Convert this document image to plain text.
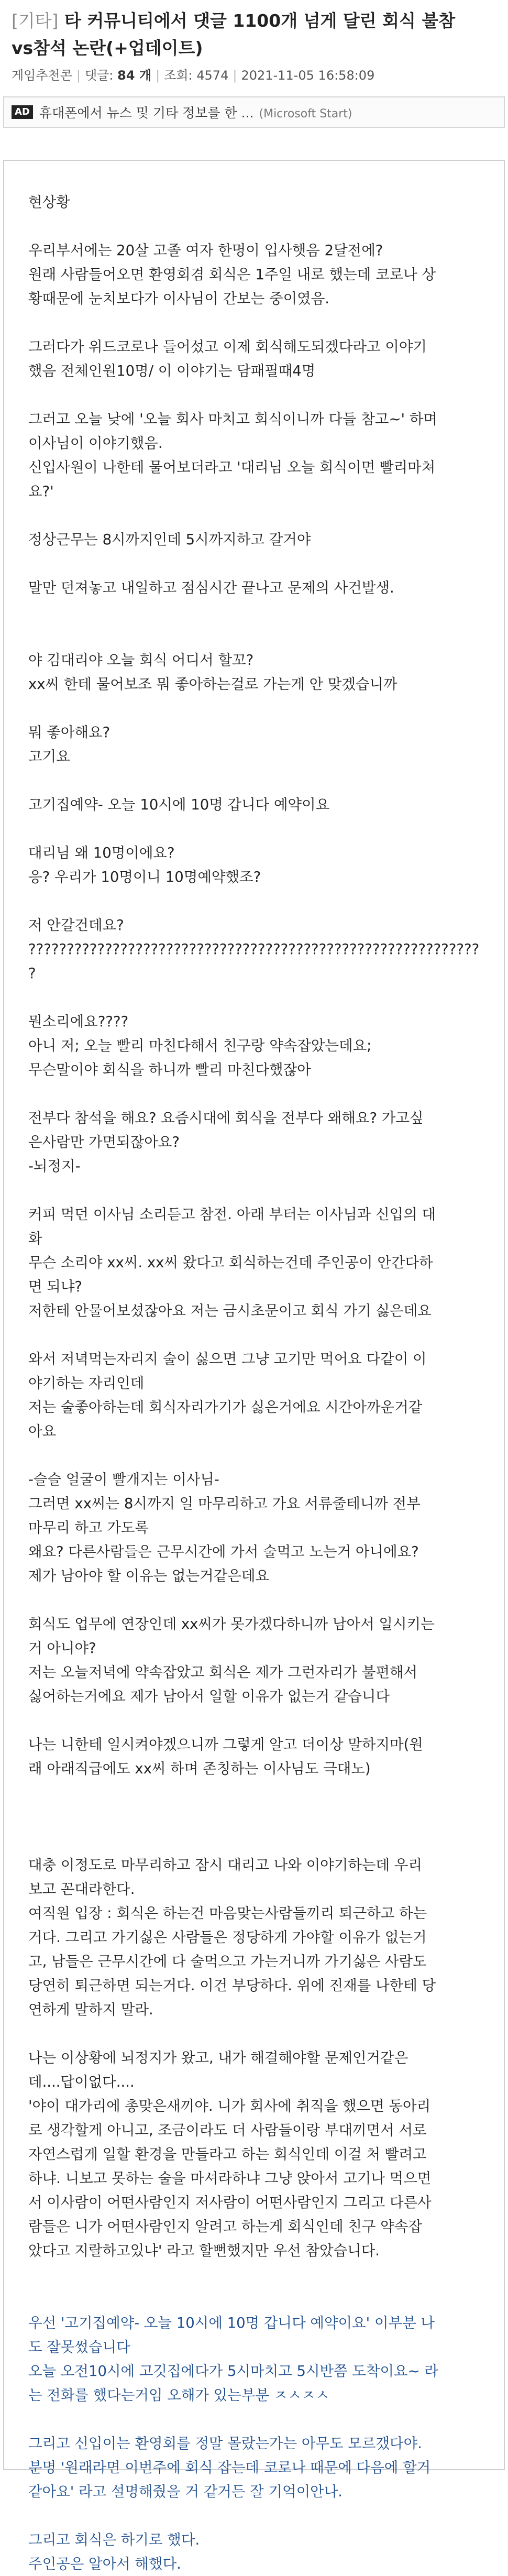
[기타] 타 커뮤니티에서 댓글 1100개 넘게 달린 회식 불참
vs참석 논란(+업데이트)
게임추천콘 | 댓글: 84 개 | 조회: 4574 | 2021-11-05 16:58:09
AD 휴대폰에서 뉴스 및 기타 정보를 한 ... (Microsoft Start)
현상황
우리부서에는 20살 고졸 여자 한명이 입사햇음 2달전에?
원래 사람들어오면 환영회겸 회식은 1주일 내로 했는데 코로나 상
황때문에 눈치보다가 이사님이 간보는 중이였음.
그러다가 위드코로나 들어섰고 이제 회식해도되겠다라고 이야기
했음 전체인원10명/ 이 이야기는 담패필때4명
그러고 오늘 낮에 '오늘 회사 마치고 회식이니까 다들 참고~' 하며
이사님이 이야기했음.
신입사원이 나한테 물어보더라고 '대리님 오늘 회식이면 빨리마쳐
요?'
정상근무는 8시까지인데 5시까지하고 갈거야
말만 던져놓고 내일하고 점심시간 끝나고 문제의 사건발생.
야 김대리야 오늘 회식 어디서 할꼬?
xx씨 한테 물어보조 뭐 좋아하는걸로 가는게 안 맞겠습니까
뭐 좋아해요?
고기요
고기집예약- 오늘 10시에 10명 갑니다 예약이요
대리님 왜 10명이에요?
응? 우리가 10명이니 10명예약했조?
저 안갈건데요?
???????????????????????????????????????????????????????????
?
뭔소리에요????
아니 저; 오늘 빨리 마친다해서 친구랑 약속잡았는데요;
무슨말이야 회식을 하니까 빨리 마친다했잖아
전부다 참석을 해요? 요즘시대에 회식을 전부다 왜해요? 가고싶
은사람만 가면되잖아요?
-뇌정지-
커피 먹던 이사님 소리듣고 참전. 아래 부터는 이사님과 신입의 대
화
무슨 소리야 xx씨. xx씨 왔다고 회식하는건데 주인공이 안간다하
면 되냐?
저한테 안물어보셨잖아요 저는 금시초문이고 회식 가기 싫은데요
와서 저녁먹는자리지 술이 싫으면 그냥 고기만 먹어요 다같이 이
야기하는 자리인데
저는 술좋아하는데 회식자리가기가 싫은거에요 시간아까운거같
아요
-슬슬 얼굴이 빨개지는 이사님-
그러면 xx씨는 8시까지 일 마무리하고 가요 서류줄테니까 전부
마무리 하고 가도록
왜요? 다른사람들은 근무시간에 가서 술먹고 노는거 아니에요?
제가 남아야 할 이유는 없는거같은데요
회식도 업무에 연장인데 xx씨가 못가겠다하니까 남아서 일시키는
거 아니야?
저는 오늘저녁에 약속잡았고 회식은 제가 그런자리가 불편해서
싫어하는거에요 제가 남아서 일할 이유가 없는거 같습니다
나는 니한테 일시켜야겠으니까 그렇게 알고 더이상 말하지마(원
래 아래직급에도 xx씨 하며 존칭하는 이사님도 극대노)
대충 이정도로 마무리하고 잠시 대리고 나와 이야기하는데 우리
보고 꼰대라한다.
여직원 입장 : 회식은 하는건 마음맞는사람들끼리 퇴근하고 하는
거다. 그리고 가기싫은 사람들은 정당하게 가야할 이유가 없는거
고, 남들은 근무시간에 다 술먹으고 가는거니까 가기싫은 사람도
당연히 퇴근하면 되는거다. 이건 부당하다. 위에 진재를 나한테 당
연하게 말하지 말라.
나는 이상황에 뇌정지가 왔고, 내가 해결해야할 문제인거같은
데....답이없다....
'야이 대가리에 총맞은새끼야. 니가 회사에 취직을 했으면 동아리
로 생각할게 아니고, 조금이라도 더 사람들이랑 부대끼면서 서로
자연스럽게 일할 환경을 만들라고 하는 회식인데 이걸 처 빨려고
하냐. 니보고 못하는 술을 마셔라하냐 그냥 앉아서 고기나 먹으면
서 이사람이 어떤사람인지 저사람이 어떤사람인지 그리고 다른사
람들은 니가 어떤사람인지 알려고 하는게 회식인데 친구 약속잡
았다고 지랄하고있냐' 라고 할뻔했지만 우선 참았습니다.
우선 '고기집예약- 오늘 10시에 10명 갑니다 예약이요' 이부분 나
도 잘못썼습니다
오늘 오전10시에 고깃집에다가 5시마치고 5시반쯤 도착이요~ 라
는 전화를 했다는거임 오해가 있는부분 ㅈㅅㅈㅅ
그리고 신입이는 환영회를 정말 몰랐는가는 아무도 모르갰다야.
분명 '원래라면 이번주에 회식 잡는데 코로나 때문에 다음에 할거
같아요' 라고 설명해줬을 거 같거든 잘 기억이안나.
그리고 회식은 하기로 했다.
주인공은 알아서 해했다.
